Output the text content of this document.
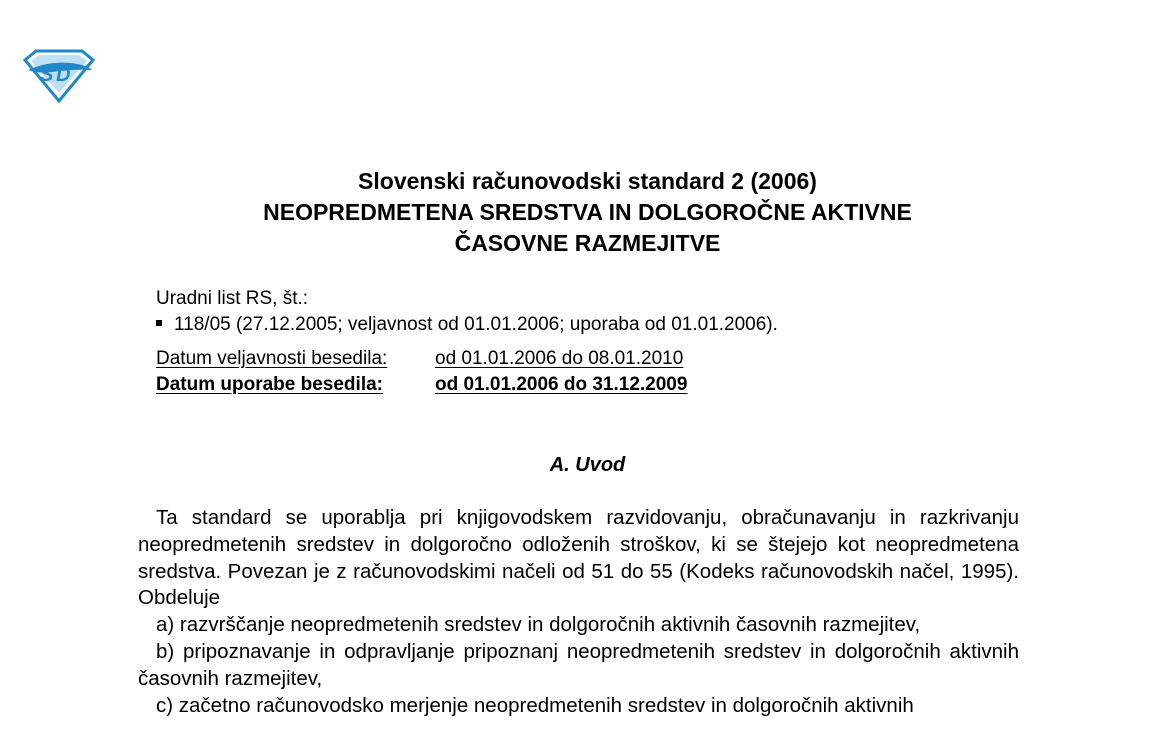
S D
Slovenski računovodski standard 2 (2006)
NEOPREDMETENA SREDSTVA IN DOLGOROČNE AKTIVNE
ČASOVNE RAZMEJITVE
Uradni list RS, št.:
118/05 (27.12.2005; veljavnost od 01.01.2006; uporaba od 01.01.2006).
Datum veljavnosti besedila:	od 01.01.2006 do 08.01.2010
Datum uporabe besedila:	od 01.01.2006 do 31.12.2009
A. Uvod

Ta standard se uporablja pri knjigovodskem razvidovanju, obračunavanju in razkrivanju neopredmetenih sredstev in dolgoročno odloženih stroškov, ki se štejejo kot neopredmetena sredstva. Povezan je z računovodskimi načeli od 51 do 55 (Kodeks računovodskih načel, 1995). Obdeluje

a) razvrščanje neopredmetenih sredstev in dolgoročnih aktivnih časovnih razmejitev,

b) pripoznavanje in odpravljanje pripoznanj neopredmetenih sredstev in dolgoročnih aktivnih časovnih razmejitev,

c) začetno računovodsko merjenje neopredmetenih sredstev in dolgoročnih aktivnih
